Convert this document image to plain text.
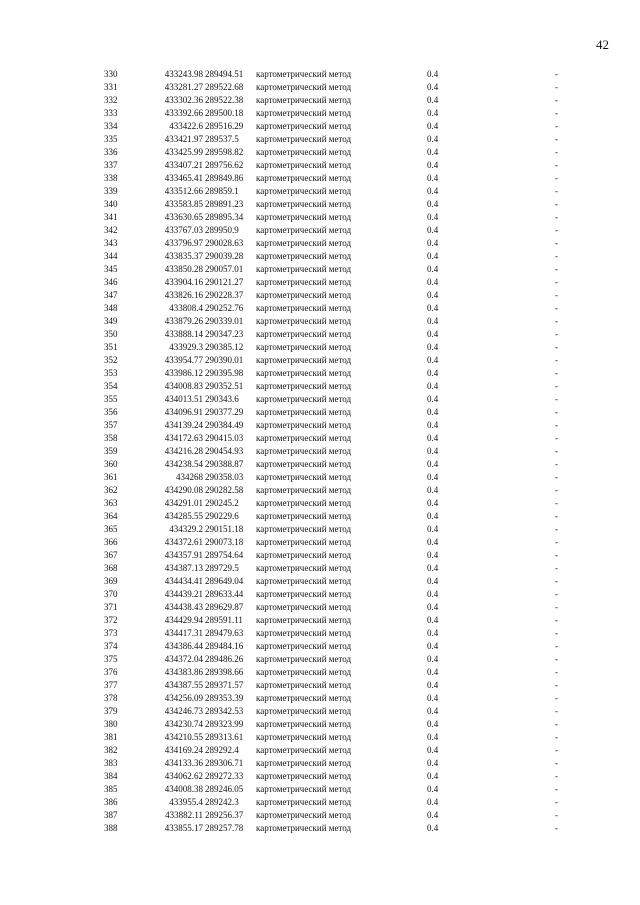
42
330	433243.98 289494.51 картометрический метод	0.4	-
331	433281.27 289522.68 картометрический метод	0.4	-
332	433302.36 289522.38 картометрический метод	0.4	-
333	433392.66 289500.18 картометрический метод	0.4	-
334	433422.6 289516.29 картометрический метод	0.4	-
335	433421.97 289537.5 картометрический метод	0.4	-
336	433425.99 289598.82 картометрический метод	0.4	-
337	433407.21 289756.62 картометрический метод	0.4	-
338	433465.41 289849.86 картометрический метод	0.4	-
339	433512.66 289859.1 картометрический метод	0.4	-
340	433583.85 289891.23 картометрический метод	0.4	-
341	433630.65 289895.34 картометрический метод	0.4	-
342	433767.03 289950.9 картометрический метод	0.4	-
343	433796.97 290028.63 картометрический метод	0.4	-
344	433835.37 290039.28 картометрический метод	0.4	-
345	433850.28 290057.01 картометрический метод	0.4	-
346	433904.16 290121.27 картометрический метод	0.4	-
347	433826.16 290228.37 картометрический метод	0.4	-
348	433808.4 290252.76 картометрический метод	0.4	-
349	433879.26 290339.01 картометрический метод	0.4	-
350	433888.14 290347.23 картометрический метод	0.4	-
351	433929.3 290385.12 картометрический метод	0.4	-
352	433954.77 290390.01 картометрический метод	0.4	-
353	433986.12 290395.98 картометрический метод	0.4	-
354	434008.83 290352.51 картометрический метод	0.4	-
355	434013.51 290343.6 картометрический метод	0.4	-
356	434096.91 290377.29 картометрический метод	0.4	-
357	434139.24 290384.49 картометрический метод	0.4	-
358	434172.63 290415.03 картометрический метод	0.4	-
359	434216.28 290454.93 картометрический метод	0.4	-
360	434238.54 290388.87 картометрический метод	0.4	-
361	434268 290358.03 картометрический метод	0.4	-
362	434290.08 290282.58 картометрический метод	0.4	-
363	434291.01 290245.2 картометрический метод	0.4	-
364	434285.55 290229.6 картометрический метод	0.4	-
365	434329.2 290151.18 картометрический метод	0.4	-
366	434372.61 290073.18 картометрический метод	0.4	-
367	434357.91 289754.64 картометрический метод	0.4	-
368	434387.13 289729.5 картометрический метод	0.4	-
369	434434.41 289649.04 картометрический метод	0.4	-
370	434439.21 289633.44 картометрический метод	0.4	-
371	434438.43 289629.87 картометрический метод	0.4	-
372	434429.94 289591.11 картометрический метод	0.4	-
373	434417.31 289479.63 картометрический метод	0.4	-
374	434386.44 289484.16 картометрический метод	0.4	-
375	434372.04 289486.26 картометрический метод	0.4	-
376	434383.86 289398.66 картометрический метод	0.4	-
377	434387.55 289371.57 картометрический метод	0.4	-
378	434256.09 289353.39 картометрический метод	0.4	-
379	434246.73 289342.53 картометрический метод	0.4	-
380	434230.74 289323.99 картометрический метод	0.4	-
381	434210.55 289313.61 картометрический метод	0.4	-
382	434169.24 289292.4 картометрический метод	0.4	-
383	434133.36 289306.71 картометрический метод	0.4	-
384	434062.62 289272.33 картометрический метод	0.4	-
385	434008.38 289246.05 картометрический метод	0.4	-
386	433955.4 289242.3 картометрический метод	0.4	-
387	433882.11 289256.37 картометрический метод	0.4	-
388	433855.17 289257.78 картометрический метод	0.4	-
